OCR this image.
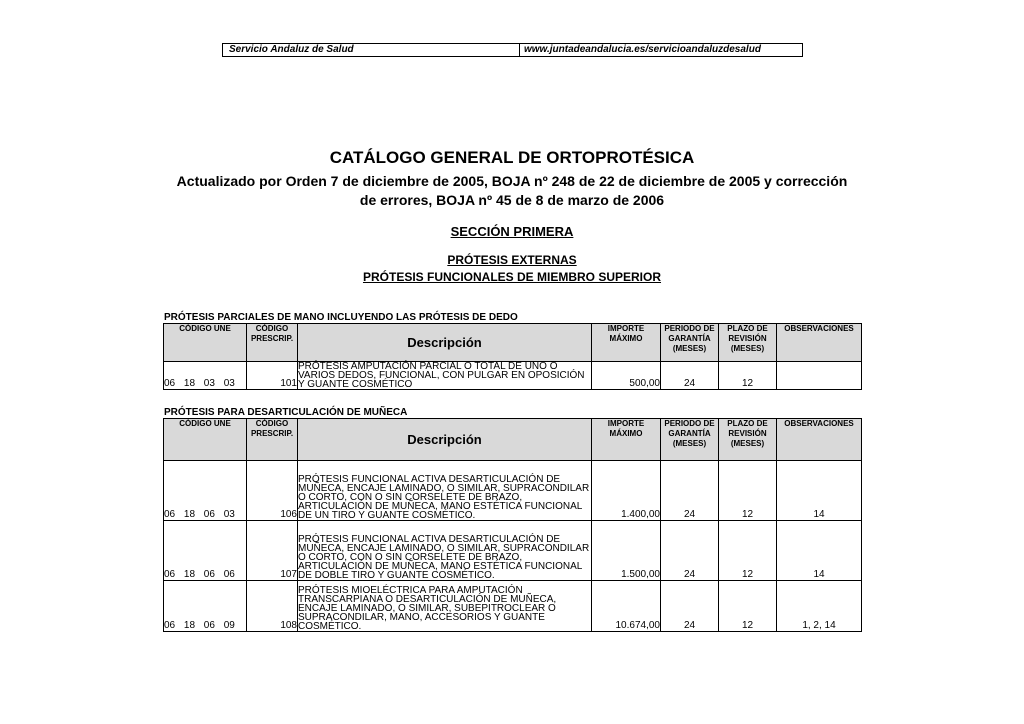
Servicio Andaluz de Salud	www.juntadeandalucia.es/servicioandaluzdesalud
CATÁLOGO GENERAL DE ORTOPROTÉSICA
Actualizado por Orden 7 de diciembre de 2005, BOJA nº 248 de 22 de diciembre de 2005 y corrección
de errores, BOJA nº 45 de 8 de marzo de 2006
SECCIÓN PRIMERA
PRÓTESIS EXTERNAS
PRÓTESIS FUNCIONALES DE MIEMBRO SUPERIOR
PRÓTESIS PARCIALES DE MANO INCLUYENDO LAS PRÓTESIS DE DEDO
CÓDIGO UNE	CÓDIGO PRESCRIP.	Descripción	IMPORTE MÁXIMO	PERIODO DE GARANTÍA (MESES)	PLAZO DE REVISIÓN (MESES)	OBSERVACIONES
06 18 03 03	101	PRÓTESIS AMPUTACIÓN PARCIAL O TOTAL DE UNO O VARIOS DEDOS, FUNCIONAL, CON PULGAR EN OPOSICIÓN Y GUANTE COSMÉTICO	500,00	24	12	
PRÓTESIS PARA DESARTICULACIÓN DE MUÑECA
CÓDIGO UNE	CÓDIGO PRESCRIP.	Descripción	IMPORTE MÁXIMO	PERIODO DE GARANTÍA (MESES)	PLAZO DE REVISIÓN (MESES)	OBSERVACIONES
06 18 06 03	106	PRÓTESIS FUNCIONAL ACTIVA DESARTICULACIÓN DE MUÑECA, ENCAJE LAMINADO, O SIMILAR, SUPRACONDILAR O CORTO, CON O SIN CORSELETE DE BRAZO, ARTICULACIÓN DE MUÑECA, MANO ESTÉTICA FUNCIONAL DE UN TIRO Y GUANTE COSMÉTICO.	1.400,00	24	12	14
06 18 06 06	107	PRÓTESIS FUNCIONAL ACTIVA DESARTICULACIÓN DE MUÑECA, ENCAJE LAMINADO, O SIMILAR, SUPRACONDILAR O CORTO, CON O SIN CORSELETE DE BRAZO, ARTICULACIÓN DE MUÑECA, MANO ESTÉTICA FUNCIONAL DE DOBLE TIRO Y GUANTE COSMÉTICO.	1.500,00	24	12	14
06 18 06 09	108	PRÓTESIS MIOELÉCTRICA PARA AMPUTACIÓN TRANSCARPIANA O DESARTICULACIÓN DE MUÑECA, ENCAJE LAMINADO, O SIMILAR, SUBEPITROCLEAR O SUPRACONDILAR, MANO, ACCESORIOS Y GUANTE COSMÉTICO.	10.674,00	24	12	1, 2, 14
